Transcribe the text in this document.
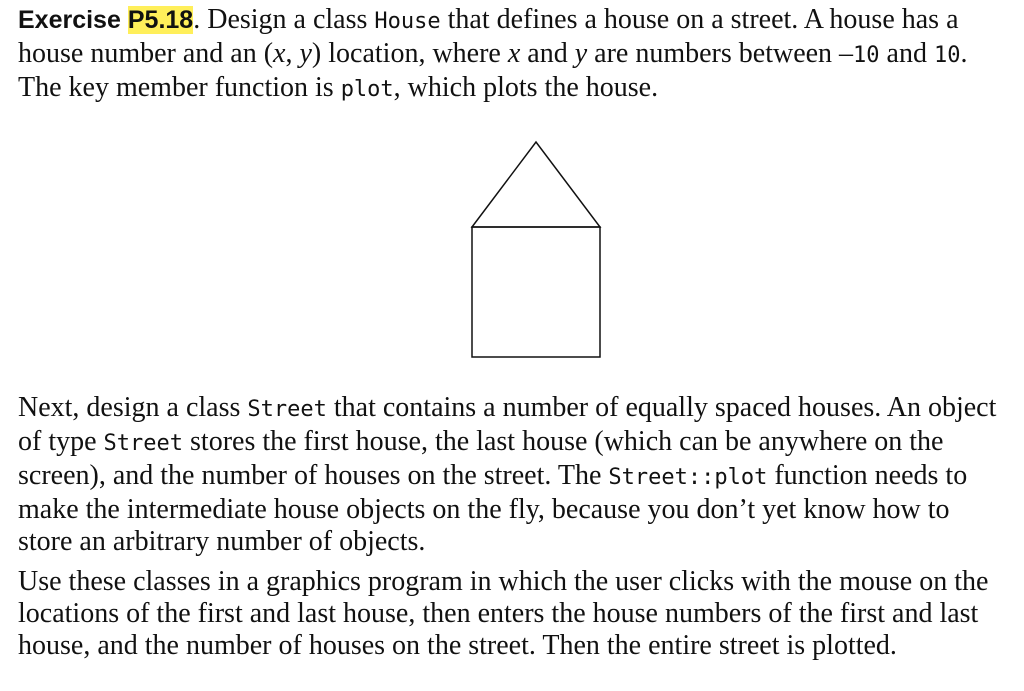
Exercise P5.18. Design a class House that defines a house on a street. A house has a house number and an (x, y) location, where x and y are numbers between –10 and 10. The key member function is plot, which plots the house.

Next, design a class Street that contains a number of equally spaced houses. An object of type Street stores the first house, the last house (which can be anywhere on the screen), and the number of houses on the street. The Street::plot function needs to make the intermediate house objects on the fly, because you don’t yet know how to store an arbitrary number of objects.

Use these classes in a graphics program in which the user clicks with the mouse on the locations of the first and last house, then enters the house numbers of the first and last house, and the number of houses on the street. Then the entire street is plotted.
